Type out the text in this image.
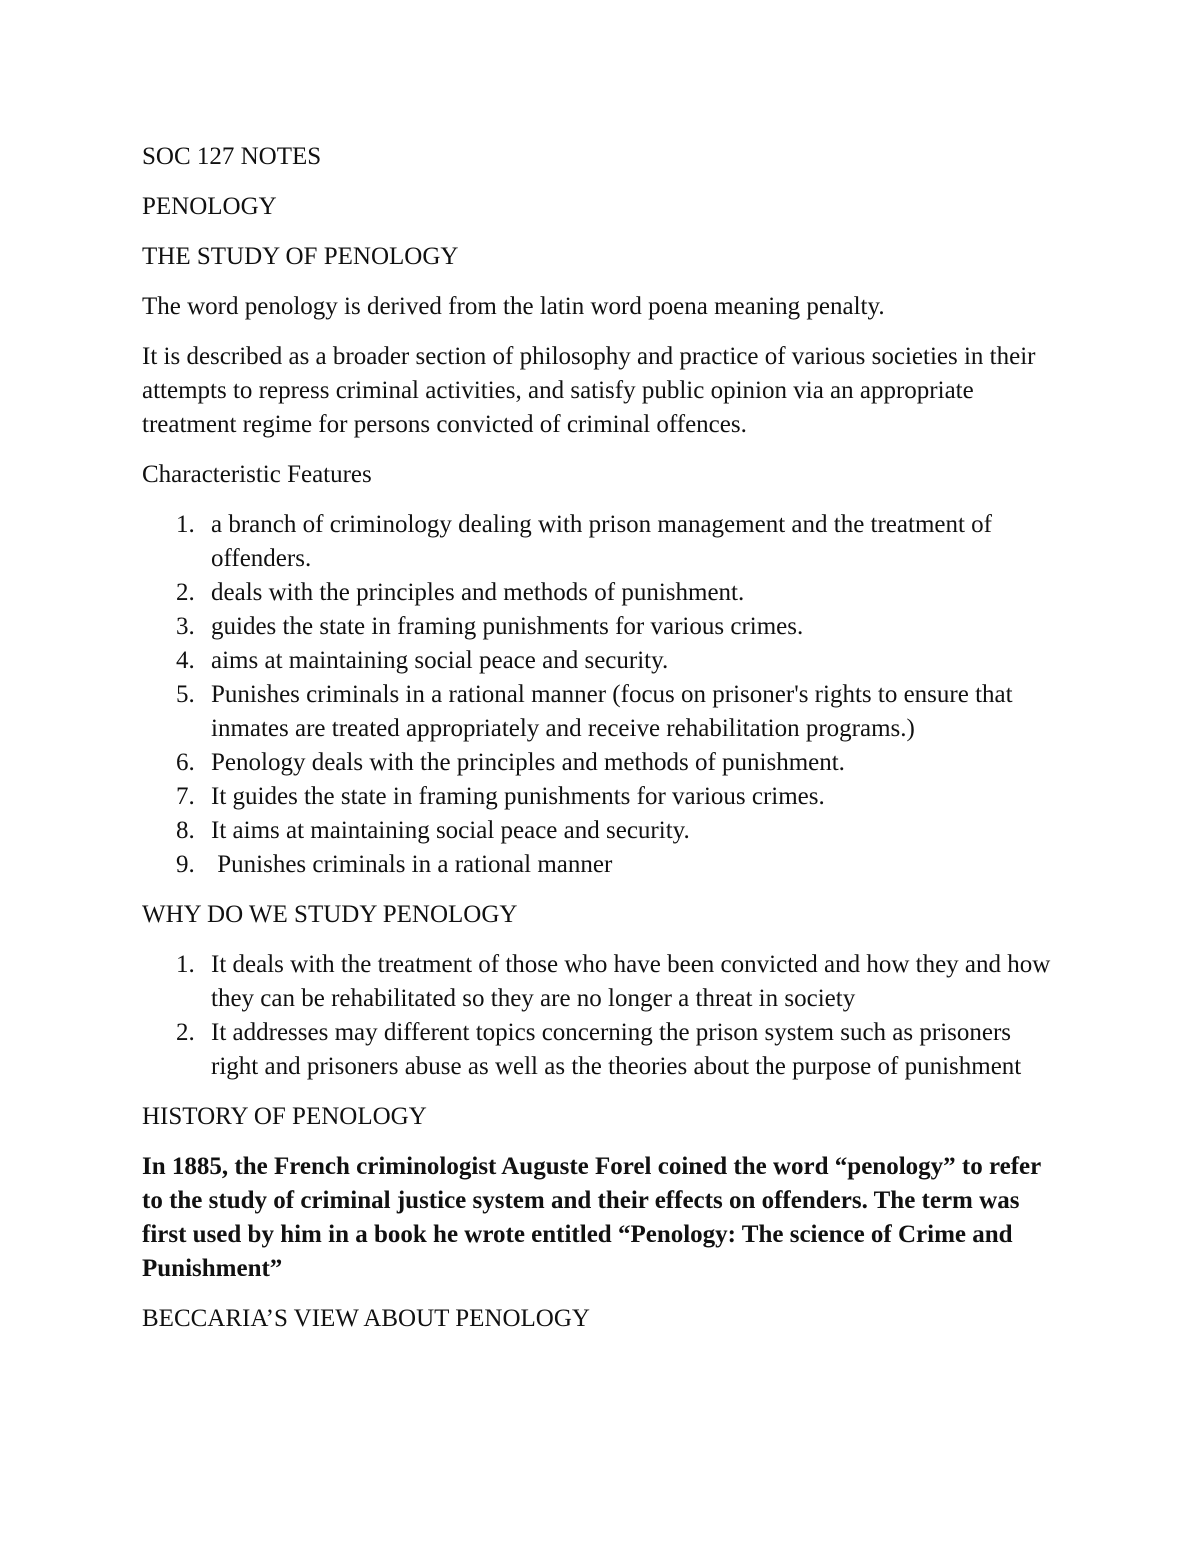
SOC 127 NOTES

PENOLOGY

THE STUDY OF PENOLOGY

The word penology is derived from the latin word poena meaning penalty.

It is described as a broader section of philosophy and practice of various societies in their attempts to repress criminal activities, and satisfy public opinion via an appropriate treatment regime for persons convicted of criminal offences.

Characteristic Features

1. a branch of criminology dealing with prison management and the treatment of offenders.
2. deals with the principles and methods of punishment.
3. guides the state in framing punishments for various crimes.
4. aims at maintaining social peace and security.
5. Punishes criminals in a rational manner (focus on prisoner's rights to ensure that inmates are treated appropriately and receive rehabilitation programs.)
6. Penology deals with the principles and methods of punishment.
7. It guides the state in framing punishments for various crimes.
8. It aims at maintaining social peace and security.
9. Punishes criminals in a rational manner

WHY DO WE STUDY PENOLOGY

1. It deals with the treatment of those who have been convicted and how they and how they can be rehabilitated so they are no longer a threat in society
2. It addresses may different topics concerning the prison system such as prisoners right and prisoners abuse as well as the theories about the purpose of punishment

HISTORY OF PENOLOGY

In 1885, the French criminologist Auguste Forel coined the word “penology” to refer to the study of criminal justice system and their effects on offenders. The term was first used by him in a book he wrote entitled “Penology: The science of Crime and Punishment”

BECCARIA’S VIEW ABOUT PENOLOGY
